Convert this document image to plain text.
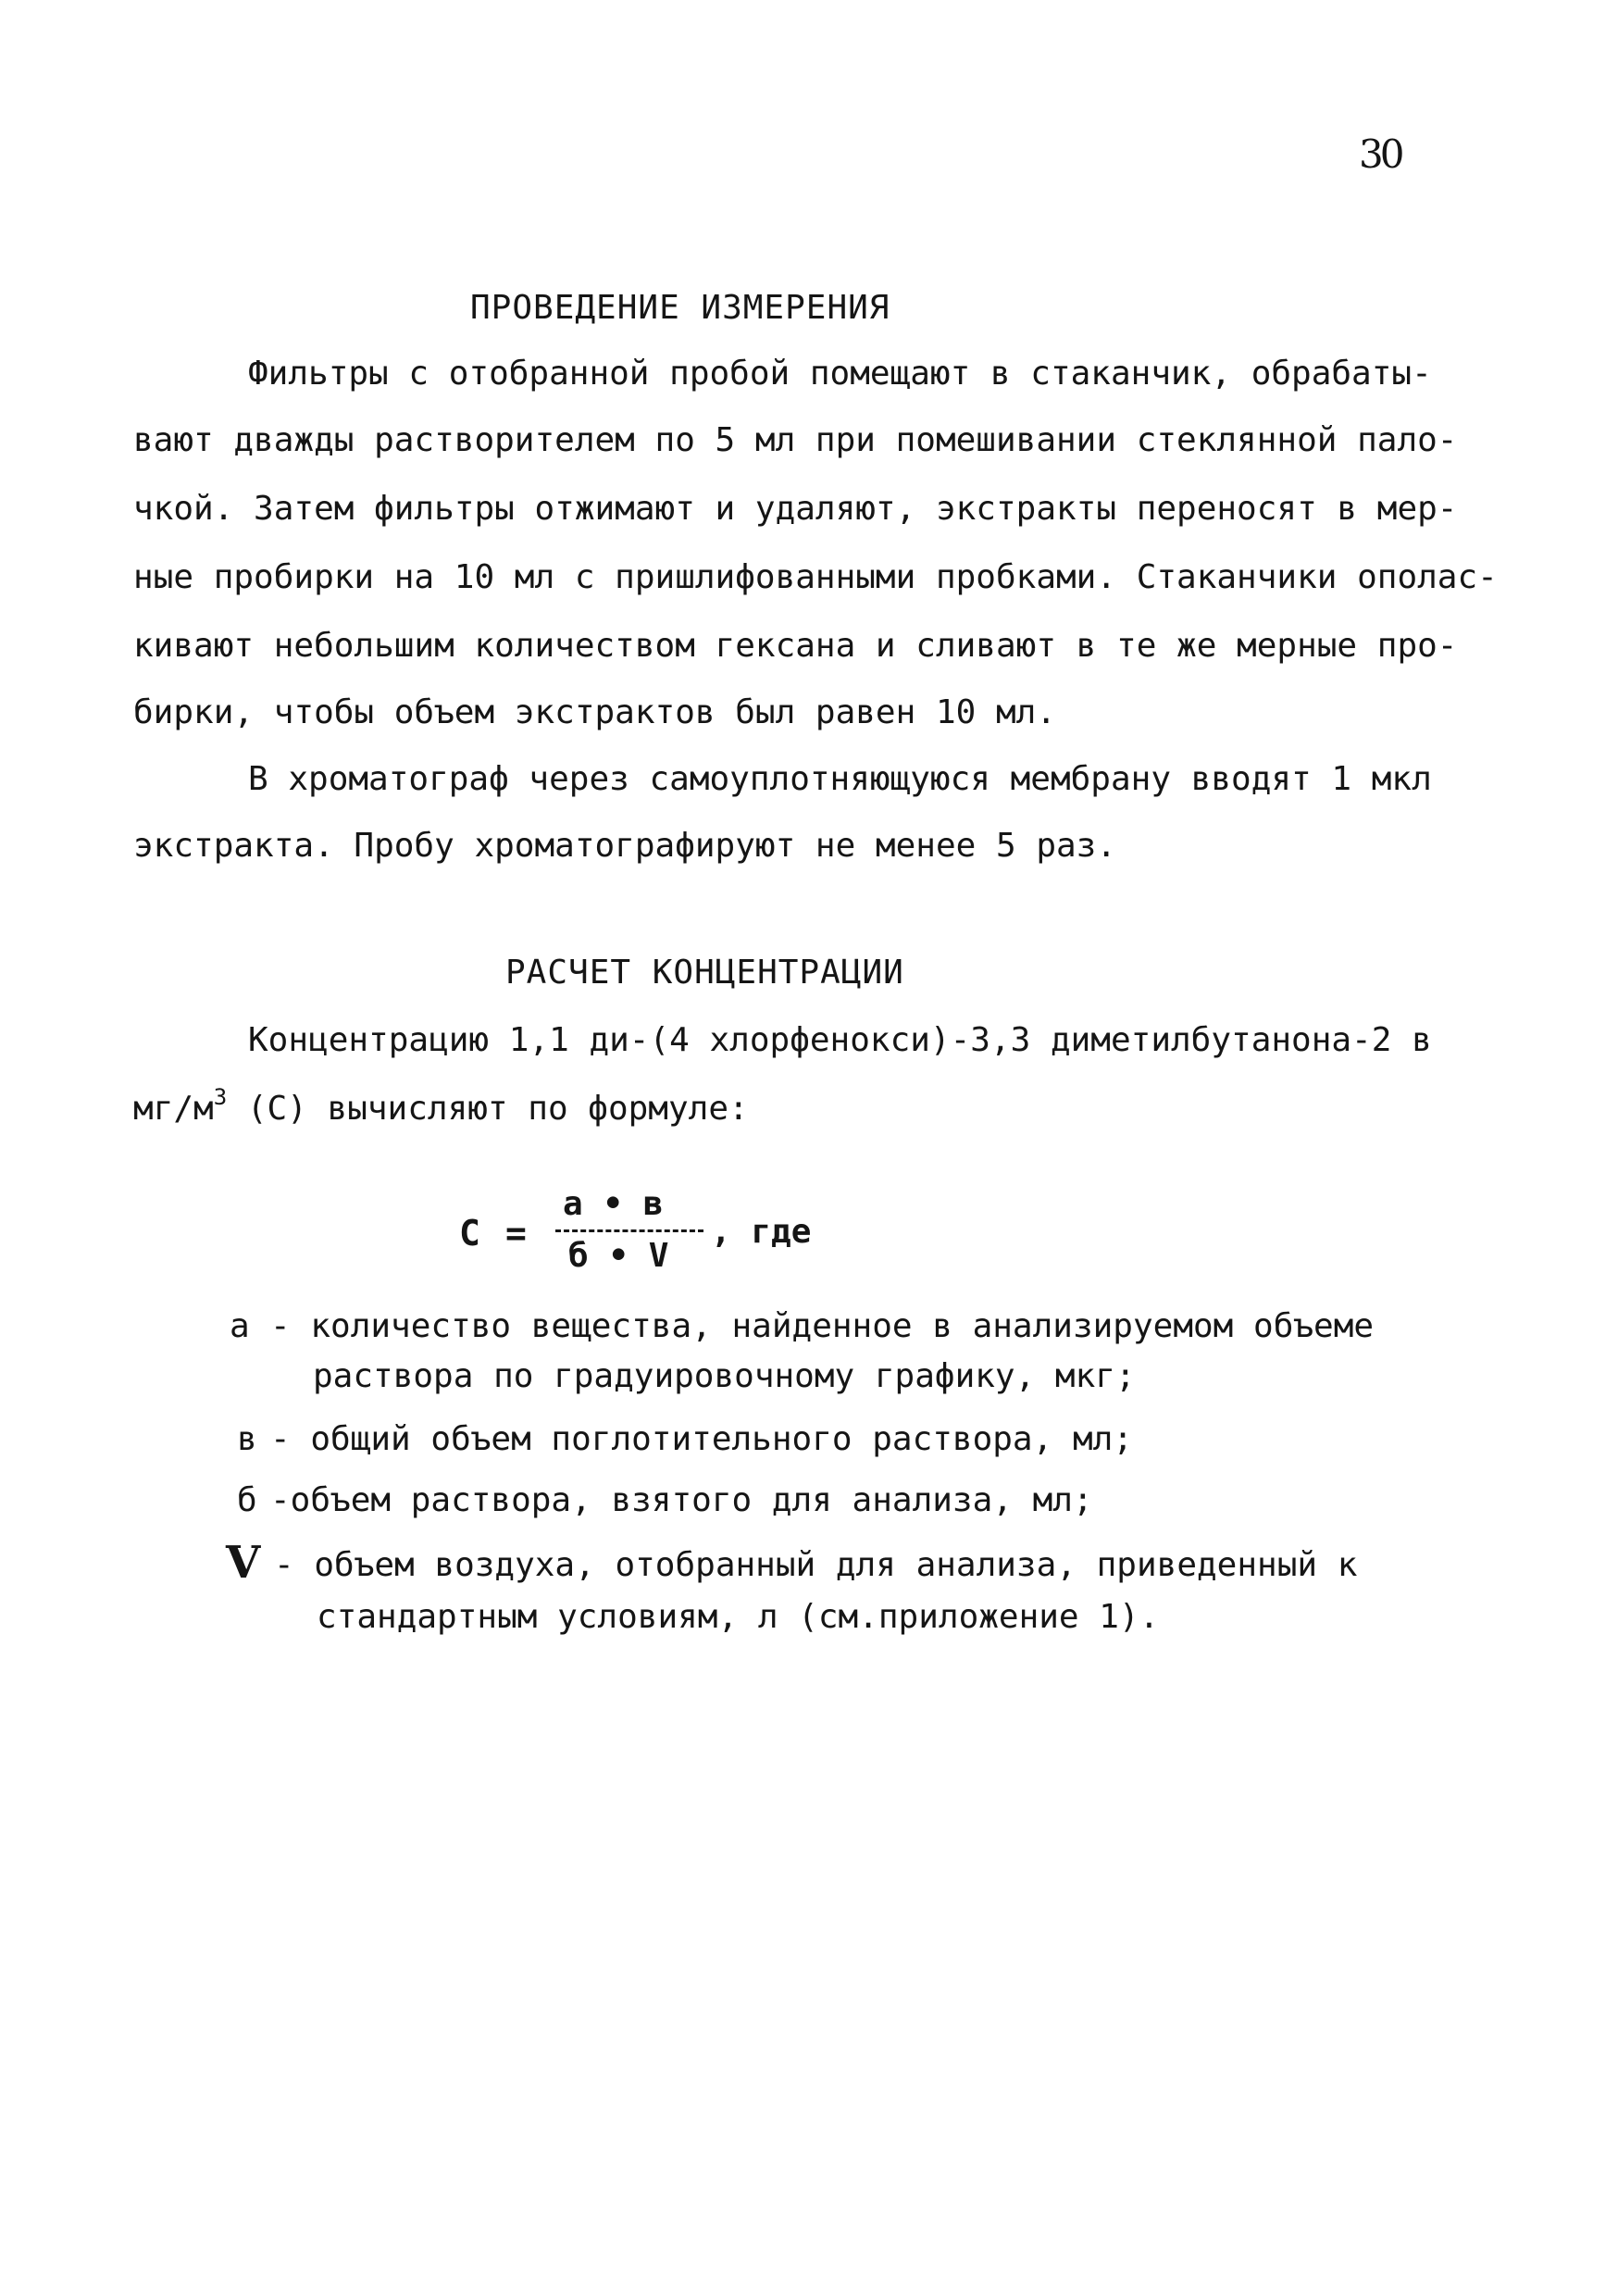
30
ПРОВЕДЕНИЕ ИЗМЕРЕНИЯ
Фильтры с отобранной пробой помещают в стаканчик, обрабаты-
вают дважды растворителем по 5 мл при помешивании стеклянной пало-
чкой. Затем фильтры отжимают и удаляют, экстракты переносят в мер-
ные пробирки на 10 мл с пришлифованными пробками. Стаканчики ополас-
кивают небольшим количеством гексана и сливают в те же мерные про-
бирки, чтобы объем экстрактов был равен 10 мл.
В хроматограф через самоуплотняющуюся мембрану вводят 1 мкл
экстракта. Пробу хроматографируют не менее 5 раз.
РАСЧЕТ КОНЦЕНТРАЦИИ
Концентрацию 1,1 ди-(4 хлорфенокси)-3,3 диметилбутанона-2 в
$мг/м^3$ (С) вычисляют по формуле:
С =
а • в
б • V
, где
а - количество вещества, найденное в анализируемом объеме
раствора по градуировочному графику, мкг;
в - общий объем поглотительного раствора, мл;
б -объем раствора, взятого для анализа, мл;
V - объем воздуха, отобранный для анализа, приведенный к
стандартным условиям, л (см.приложение 1).
